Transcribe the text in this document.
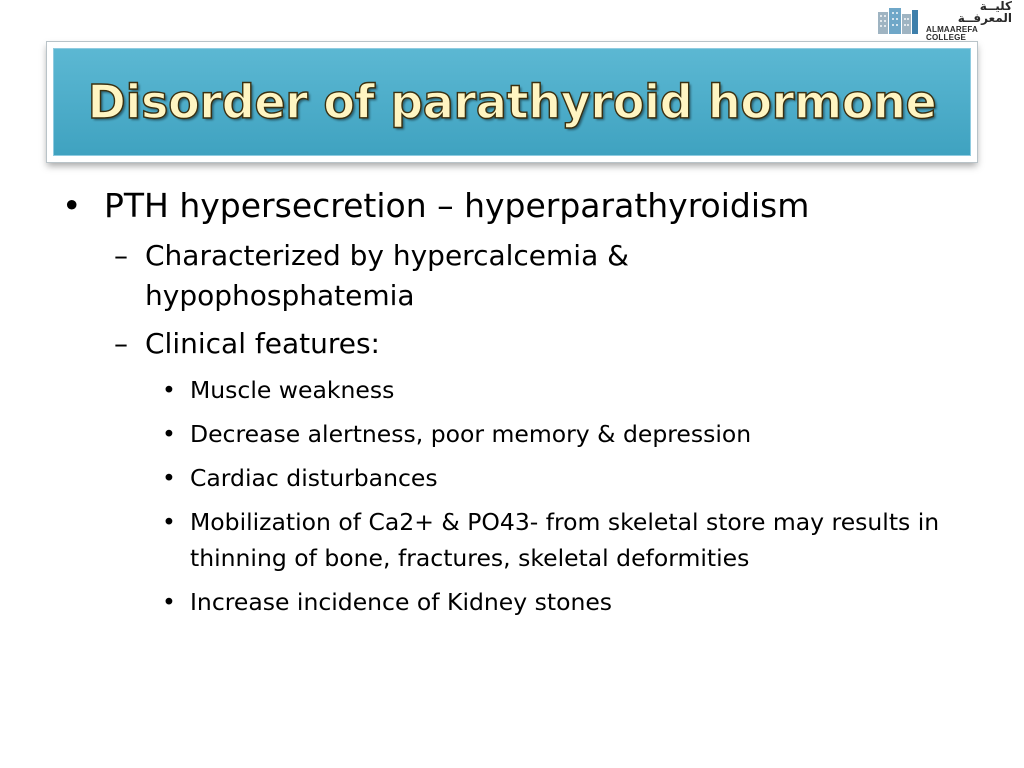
كليــة المعرفــة
ALMAAREFA COLLEGE
Disorder of parathyroid hormone
• PTH hypersecretion – hyperparathyroidism
– Characterized by hypercalcemia & hypophosphatemia
– Clinical features:
• Muscle weakness
• Decrease alertness, poor memory & depression
• Cardiac disturbances
• Mobilization of Ca2+ & PO43- from skeletal store may results in thinning of bone, fractures, skeletal deformities
• Increase incidence of Kidney stones
